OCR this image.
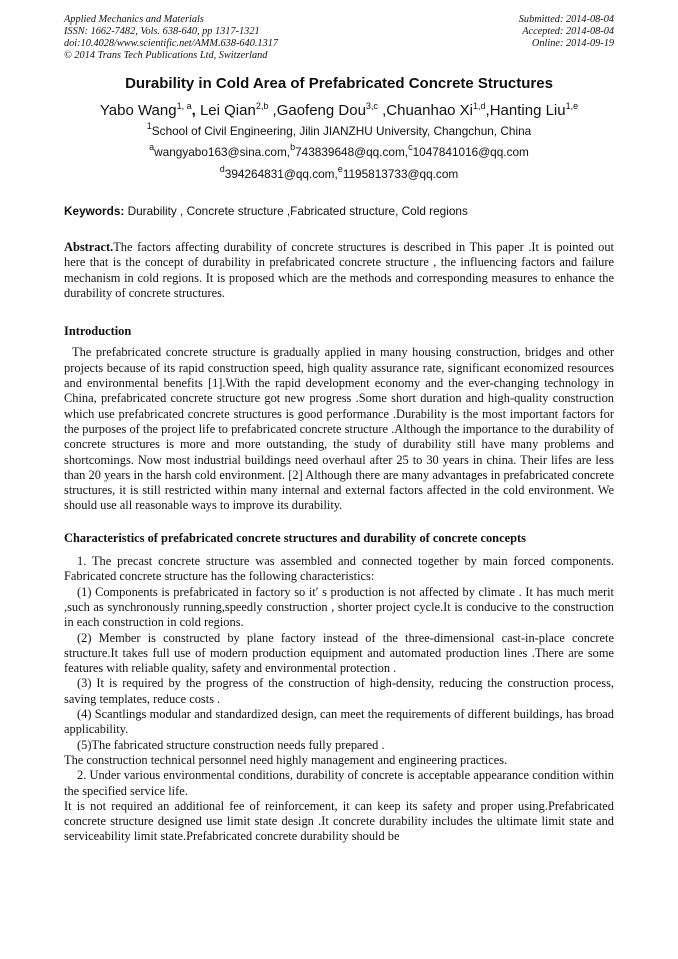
Applied Mechanics and Materials
ISSN: 1662-7482, Vols. 638-640, pp 1317-1321
doi:10.4028/www.scientific.net/AMM.638-640.1317
© 2014 Trans Tech Publications Ltd, Switzerland
Submitted: 2014-08-04
Accepted: 2014-08-04
Online: 2014-09-19
Durability in Cold Area of Prefabricated Concrete Structures
Yabo Wang$^{1, a}$, Lei Qian$^{2,b}$ ,Gaofeng Dou$^{3,c}$ ,Chuanhao Xi$^{1,d}$,Hanting Liu$^{1,e}$
$^1$School of Civil Engineering, Jilin JIANZHU University, Changchun, China
$^a$wangyabo163@sina.com,$^b$743839648@qq.com,$^c$1047841016@qq.com
$^d$394264831@qq.com,$^e$1195813733@qq.com
Keywords: Durability , Concrete structure ,Fabricated structure, Cold regions

Abstract.The factors affecting durability of concrete structures is described in This paper .It is pointed out here that is the concept of durability in prefabricated concrete structure , the influencing factors and failure mechanism in cold regions. It is proposed which are the methods and corresponding measures to enhance the durability of concrete structures.

Introduction

The prefabricated concrete structure is gradually applied in many housing construction, bridges and other projects because of its rapid construction speed, high quality assurance rate, significant economized resources and environmental benefits [1].With the rapid development economy and the ever-changing technology in China, prefabricated concrete structure got new progress .Some short duration and high-quality construction which use prefabricated concrete structures is good performance .Durability is the most important factors for the purposes of the project life to prefabricated concrete structure .Although the importance to the durability of concrete structures is more and more outstanding, the study of durability still have many problems and shortcomings. Now most industrial buildings need overhaul after 25 to 30 years in china. Their lifes are less than 20 years in the harsh cold environment. [2] Although there are many advantages in prefabricated concrete structures, it is still restricted within many internal and external factors affected in the cold environment. We should use all reasonable ways to improve its durability.

Characteristics of prefabricated concrete structures and durability of concrete concepts

1. The precast concrete structure was assembled and connected together by main forced components. Fabricated concrete structure has the following characteristics:

(1) Components is prefabricated in factory so it′ s production is not affected by climate . It has much merit ,such as synchronously running,speedly construction , shorter project cycle.It is conducive to the construction in each construction in cold regions.

(2) Member is constructed by plane factory instead of the three-dimensional cast-in-place concrete structure.It takes full use of modern production equipment and automated production lines .There are some features with reliable quality, safety and environmental protection .

(3) It is required by the progress of the construction of high-density, reducing the construction process, saving templates, reduce costs .

(4) Scantlings modular and standardized design, can meet the requirements of different buildings, has broad applicability.

(5)The fabricated structure construction needs fully prepared .

The construction technical personnel need highly management and engineering practices.

2. Under various environmental conditions, durability of concrete is acceptable appearance condition within the specified service life.

It is not required an additional fee of reinforcement, it can keep its safety and proper using.Prefabricated concrete structure designed use limit state design .It concrete durability includes the ultimate limit state and serviceability limit state.Prefabricated concrete durability should be
